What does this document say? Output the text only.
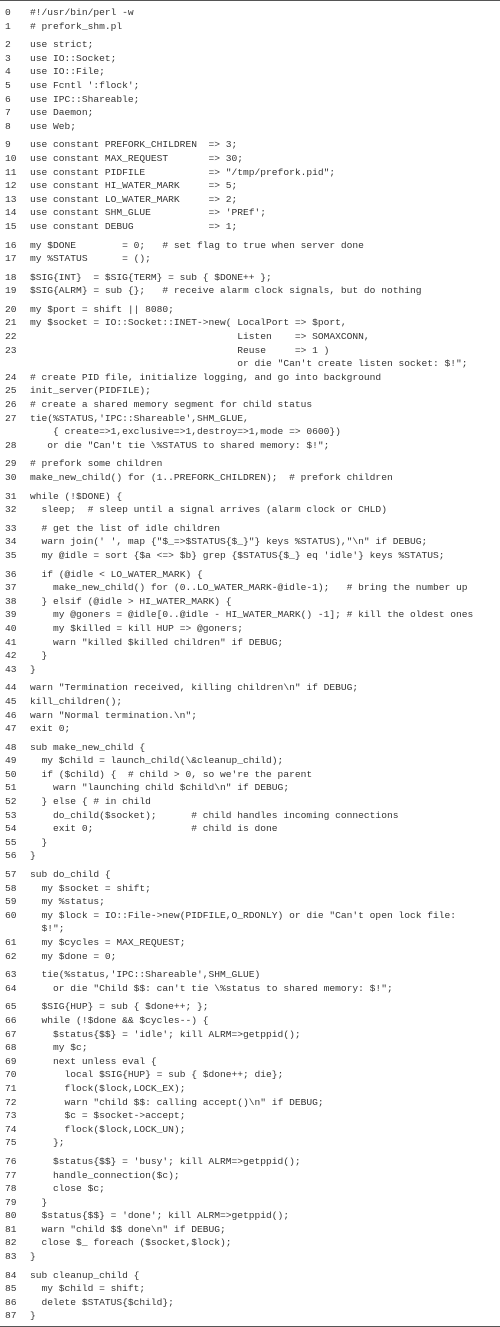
0	#!/usr/bin/perl -w
1	# prefork_shm.pl
2	use strict;
3	use IO::Socket;
4	use IO::File;
5	use Fcntl ':flock';
6	use IPC::Shareable;
7	use Daemon;
8	use Web;
9	use constant PREFORK_CHILDREN  => 3;
10	use constant MAX_REQUEST       => 30;
11	use constant PIDFILE           => "/tmp/prefork.pid";
12	use constant HI_WATER_MARK     => 5;
13	use constant LO_WATER_MARK     => 2;
14	use constant SHM_GLUE          => 'PREf';
15	use constant DEBUG             => 1;
16	my $DONE        = 0;   # set flag to true when server done
17	my %STATUS      = ();
18	$SIG{INT}  = $SIG{TERM} = sub { $DONE++ };
19	$SIG{ALRM} = sub {};   # receive alarm clock signals, but do nothing
20	my $port = shift || 8080;
21	my $socket = IO::Socket::INET->new( LocalPort => $port,
22	Listen    => SOMAXCONN,
23	Reuse     => 1 )
or die "Can't create listen socket: $!";
24	# create PID file, initialize logging, and go into background
25	init_server(PIDFILE);
26	# create a shared memory segment for child status
27	tie(%STATUS,'IPC::Shareable',SHM_GLUE,
{ create=>1,exclusive=>1,destroy=>1,mode => 0600})
28	or die "Can't tie \%STATUS to shared memory: $!";
29	# prefork some children
30	make_new_child() for (1..PREFORK_CHILDREN);  # prefork children
31	while (!$DONE) {
32	sleep;  # sleep until a signal arrives (alarm clock or CHLD)
33	# get the list of idle children
34	warn join(' ', map {"$_=>$STATUS{$_}"} keys %STATUS),"\n" if DEBUG;
35	my @idle = sort {$a <=> $b} grep {$STATUS{$_} eq 'idle'} keys %STATUS;
36	if (@idle < LO_WATER_MARK) {
37	make_new_child() for (0..LO_WATER_MARK-@idle-1);   # bring the number up
38	} elsif (@idle > HI_WATER_MARK) {
39	my @goners = @idle[0..@idle - HI_WATER_MARK() -1]; # kill the oldest ones
40	my $killed = kill HUP => @goners;
41	warn "killed $killed children" if DEBUG;
42	}
43	}
44	warn "Termination received, killing children\n" if DEBUG;
45	kill_children();
46	warn "Normal termination.\n";
47	exit 0;
48	sub make_new_child {
49	my $child = launch_child(\&cleanup_child);
50	if ($child) {  # child > 0, so we're the parent
51	warn "launching child $child\n" if DEBUG;
52	} else { # in child
53	do_child($socket);      # child handles incoming connections
54	exit 0;                 # child is done
55	}
56	}
57	sub do_child {
58	my $socket = shift;
59	my %status;
60	my $lock = IO::File->new(PIDFILE,O_RDONLY) or die "Can't open lock file:
$!";
61	my $cycles = MAX_REQUEST;
62	my $done = 0;
63	tie(%status,'IPC::Shareable',SHM_GLUE)
64	or die "Child $$: can't tie \%status to shared memory: $!";
65	$SIG{HUP} = sub { $done++; };
66	while (!$done && $cycles--) {
67	$status{$$} = 'idle'; kill ALRM=>getppid();
68	my $c;
69	next unless eval {
70	local $SIG{HUP} = sub { $done++; die};
71	flock($lock,LOCK_EX);
72	warn "child $$: calling accept()\n" if DEBUG;
73	$c = $socket->accept;
74	flock($lock,LOCK_UN);
75	};
76	$status{$$} = 'busy'; kill ALRM=>getppid();
77	handle_connection($c);
78	close $c;
79	}
80	$status{$$} = 'done'; kill ALRM=>getppid();
81	warn "child $$ done\n" if DEBUG;
82	close $_ foreach ($socket,$lock);
83	}
84	sub cleanup_child {
85	my $child = shift;
86	delete $STATUS{$child};
87	}
